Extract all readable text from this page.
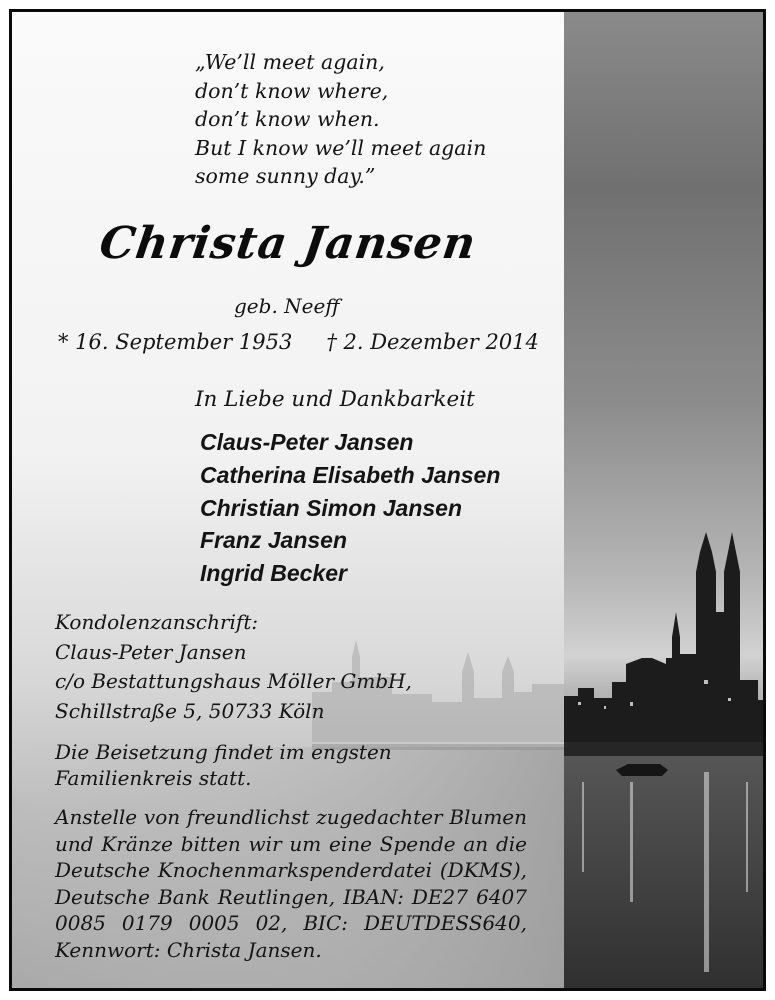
„We’ll meet again,
don’t know where,
don’t know when.
But I know we’ll meet again
some sunny day.”
Christa Jansen
geb. Neeff
* 16. September 1953 † 2. Dezember 2014
In Liebe und Dankbarkeit
Claus-Peter Jansen
Catherina Elisabeth Jansen
Christian Simon Jansen
Franz Jansen
Ingrid Becker
Kondolenzanschrift:
Claus-Peter Jansen
c/o Bestattungshaus Möller GmbH,
Schillstraße 5, 50733 Köln
Die Beisetzung findet im engsten Familienkreis statt.
Anstelle von freundlichst zugedachter Blumen und Kränze bitten wir um eine Spende an die Deutsche Knochenmarkspenderdatei (DKMS), Deutsche Bank Reutlingen, IBAN: DE27 6407 0085 0179 0005 02, BIC: DEUTDESS640, Kennwort: Christa Jansen.
